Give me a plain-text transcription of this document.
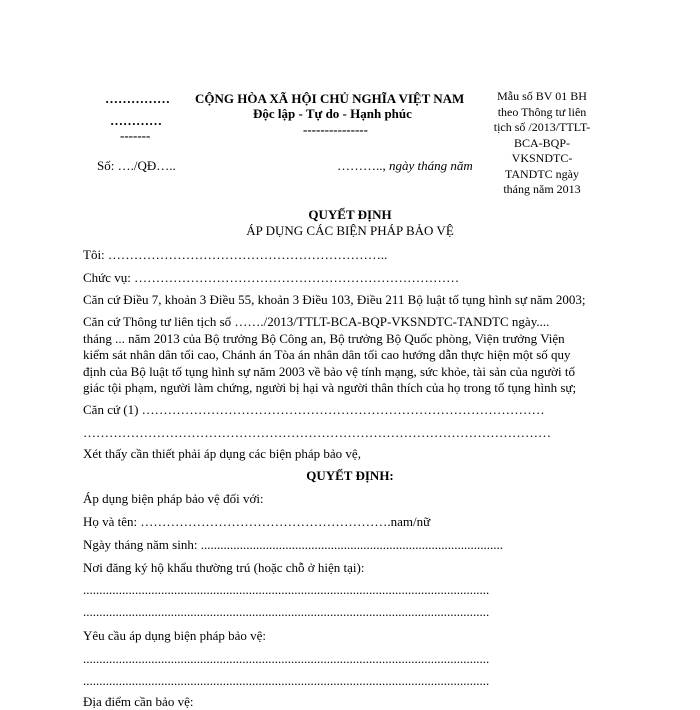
……………
…………
-------
Số: …./QĐ…..
CỘNG HÒA XÃ HỘI CHỦ NGHĨA VIỆT NAM
Độc lập - Tự do - Hạnh phúc
---------------
……….., ngày tháng năm
Mẫu số BV 01 BH
theo Thông tư liên
tịch số /2013/TTLT-
BCA-BQP-
VKSNDTC-
TANDTC ngày
tháng năm 2013
QUYẾT ĐỊNH
ÁP DỤNG CÁC BIỆN PHÁP BẢO VỆ
Tôi: ………………………………………………………..
Chức vụ: …………………………………………………………………
Căn cứ Điều 7, khoản 3 Điều 55, khoản 3 Điều 103, Điều 211 Bộ luật tố tụng hình sự năm 2003;
Căn cứ Thông tư liên tịch số ……./2013/TTLT-BCA-BQP-VKSNDTC-TANDTC ngày....
tháng ... năm 2013 của Bộ trưởng Bộ Công an, Bộ trưởng Bộ Quốc phòng, Viện trưởng Viện
kiểm sát nhân dân tối cao, Chánh án Tòa án nhân dân tối cao hướng dẫn thực hiện một số quy
định của Bộ luật tố tụng hình sự năm 2003 về bảo vệ tính mạng, sức khỏe, tài sản của người tố
giác tội phạm, người làm chứng, người bị hại và người thân thích của họ trong tố tụng hình sự;
Căn cứ (1) …………………………………………………………………………………
………………………………………………………………………………………………
Xét thấy cần thiết phải áp dụng các biện pháp bảo vệ,
QUYẾT ĐỊNH:
Áp dụng biện pháp bảo vệ đối với:
Họ và tên: ………………………………………………….nam/nữ
Ngày tháng năm sinh: .............................................................................................
Nơi đăng ký hộ khẩu thường trú (hoặc chỗ ở hiện tại):
.............................................................................................................................
.............................................................................................................................
Yêu cầu áp dụng biện pháp bảo vệ:
.............................................................................................................................
.............................................................................................................................
Địa điểm cần bảo vệ:
